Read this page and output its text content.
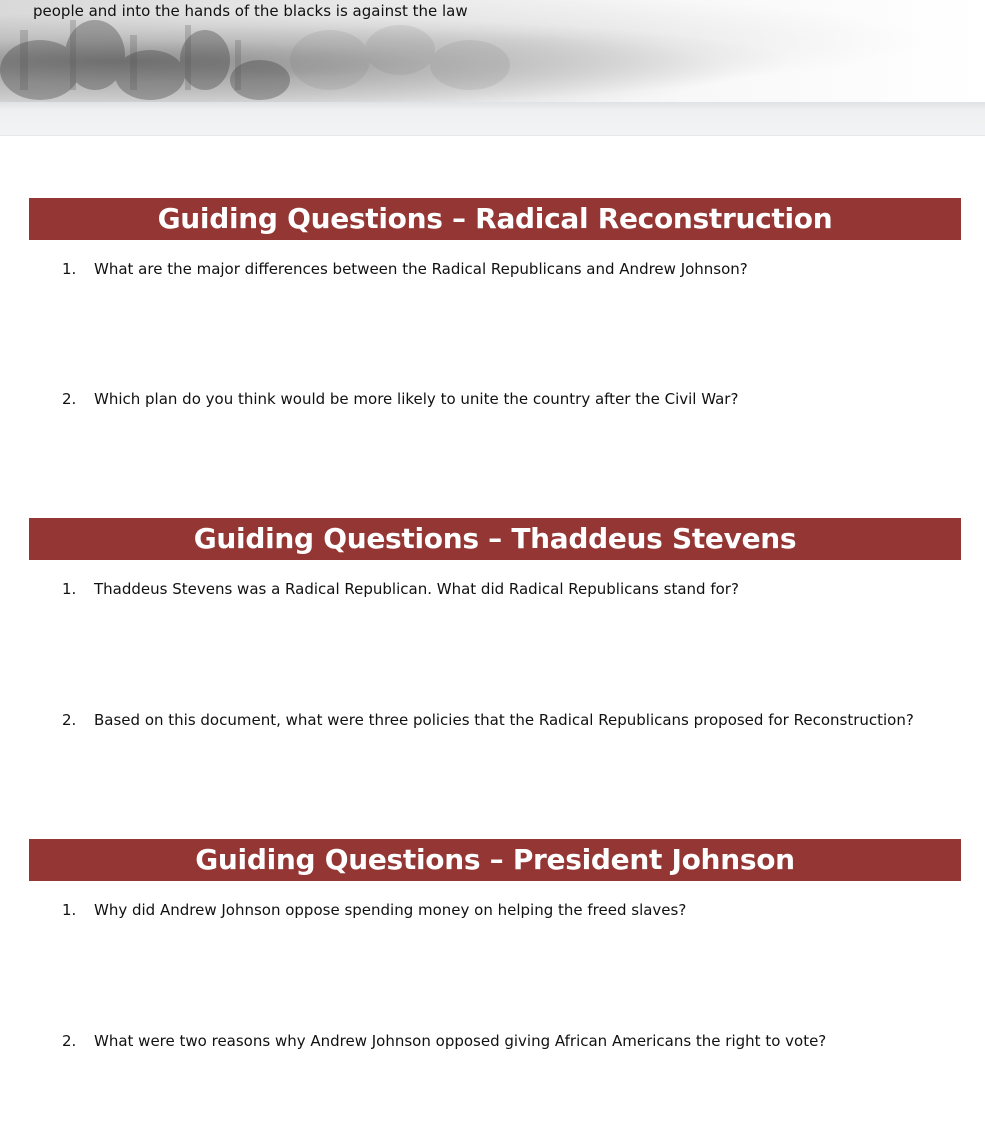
people and into the hands of the blacks is against the law
Guiding Questions – Radical Reconstruction
1. What are the major differences between the Radical Republicans and Andrew Johnson?
2. Which plan do you think would be more likely to unite the country after the Civil War?
Guiding Questions – Thaddeus Stevens
1. Thaddeus Stevens was a Radical Republican. What did Radical Republicans stand for?
2. Based on this document, what were three policies that the Radical Republicans proposed for Reconstruction?
Guiding Questions – President Johnson
1. Why did Andrew Johnson oppose spending money on helping the freed slaves?
2. What were two reasons why Andrew Johnson opposed giving African Americans the right to vote?
